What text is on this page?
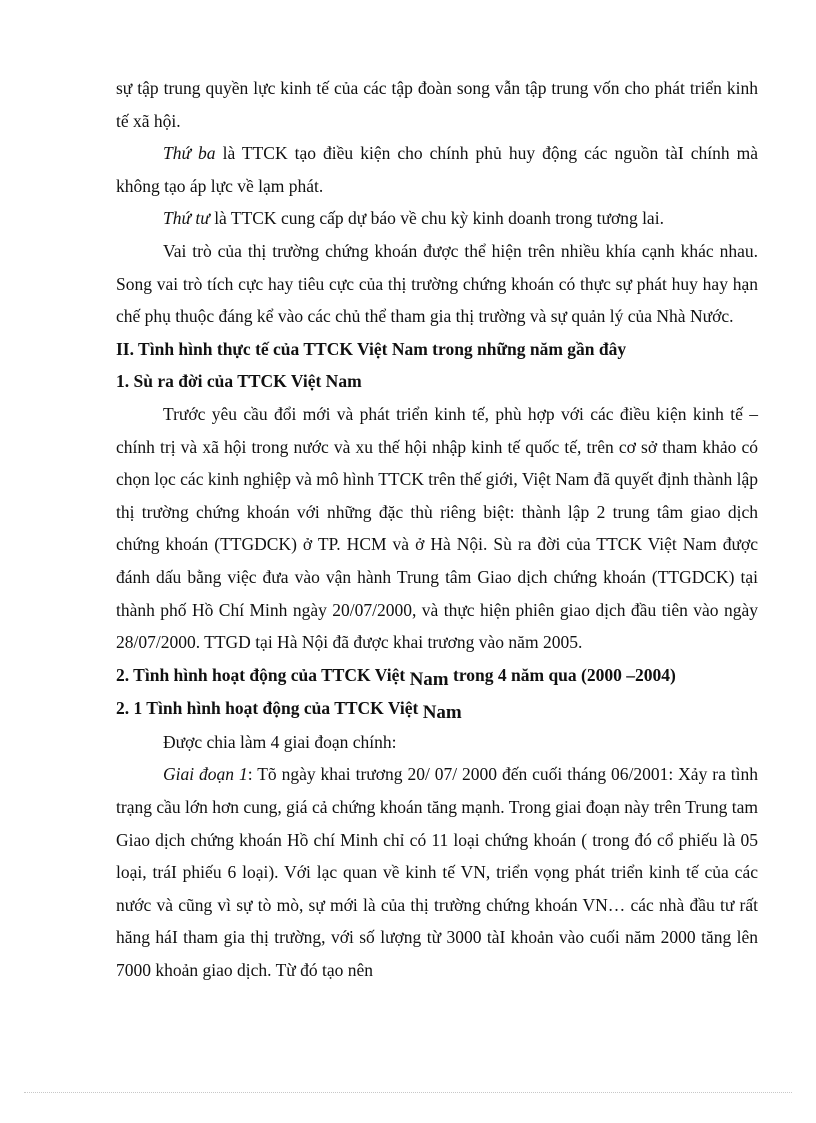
sự tập trung quyền lực kinh tế của các tập đoàn song vẫn tập trung vốn cho phát triển kinh tế xã hội.

Thứ ba là TTCK tạo điều kiện cho chính phủ huy động các nguồn tàI chính mà không tạo áp lực về lạm phát.

Thứ tư là TTCK cung cấp dự báo về chu kỳ kinh doanh trong tương lai.

Vai trò của thị trường chứng khoán được thể hiện trên nhiều khía cạnh khác nhau. Song vai trò tích cực hay tiêu cực của thị trường chứng khoán có thực sự phát huy hay hạn chế phụ thuộc đáng kể vào các chủ thể tham gia thị trường và sự quản lý của Nhà Nước.

II. Tình hình thực tế của TTCK Việt Nam trong những năm gần đây

1. Sù ra đời của TTCK Việt Nam

Trước yêu cầu đổi mới và phát triển kinh tế, phù hợp với các điều kiện kinh tế – chính trị và xã hội trong nước và xu thế hội nhập kinh tế quốc tế, trên cơ sở tham khảo có chọn lọc các kinh nghiệp và mô hình TTCK trên thế giới, Việt Nam đã quyết định thành lập thị trường chứng khoán với những đặc thù riêng biệt: thành lập 2 trung tâm giao dịch chứng khoán (TTGDCK) ở TP. HCM và ở Hà Nội. Sù ra đời của TTCK Việt Nam được đánh dấu bằng việc đưa vào vận hành Trung tâm Giao dịch chứng khoán (TTGDCK) tại thành phố Hồ Chí Minh ngày 20/07/2000, và thực hiện phiên giao dịch đầu tiên vào ngày 28/07/2000. TTGD tại Hà Nội đã được khai trương vào năm 2005.

2. Tình hình hoạt động của TTCK Việt Nam trong 4 năm qua (2000 –2004)

2. 1 Tình hình hoạt động của TTCK Việt Nam

Được chia làm 4 giai đoạn chính:

Giai đoạn 1: Tõ ngày khai trương 20/ 07/ 2000 đến cuối tháng 06/2001: Xảy ra tình trạng cầu lớn hơn cung, giá cả chứng khoán tăng mạnh. Trong giai đoạn này trên Trung tam Giao dịch chứng khoán Hồ chí Minh chỉ có 11 loại chứng khoán ( trong đó cổ phiếu là 05 loại, tráI phiếu 6 loại). Với lạc quan về kinh tế VN, triển vọng phát triển kinh tế của các nước và cũng vì sự tò mò, sự mới là của thị trường chứng khoán VN… các nhà đầu tư rất hăng háI tham gia thị trường, với số lượng từ 3000 tàI khoản vào cuối năm 2000 tăng lên 7000 khoản giao dịch. Từ đó tạo nên
